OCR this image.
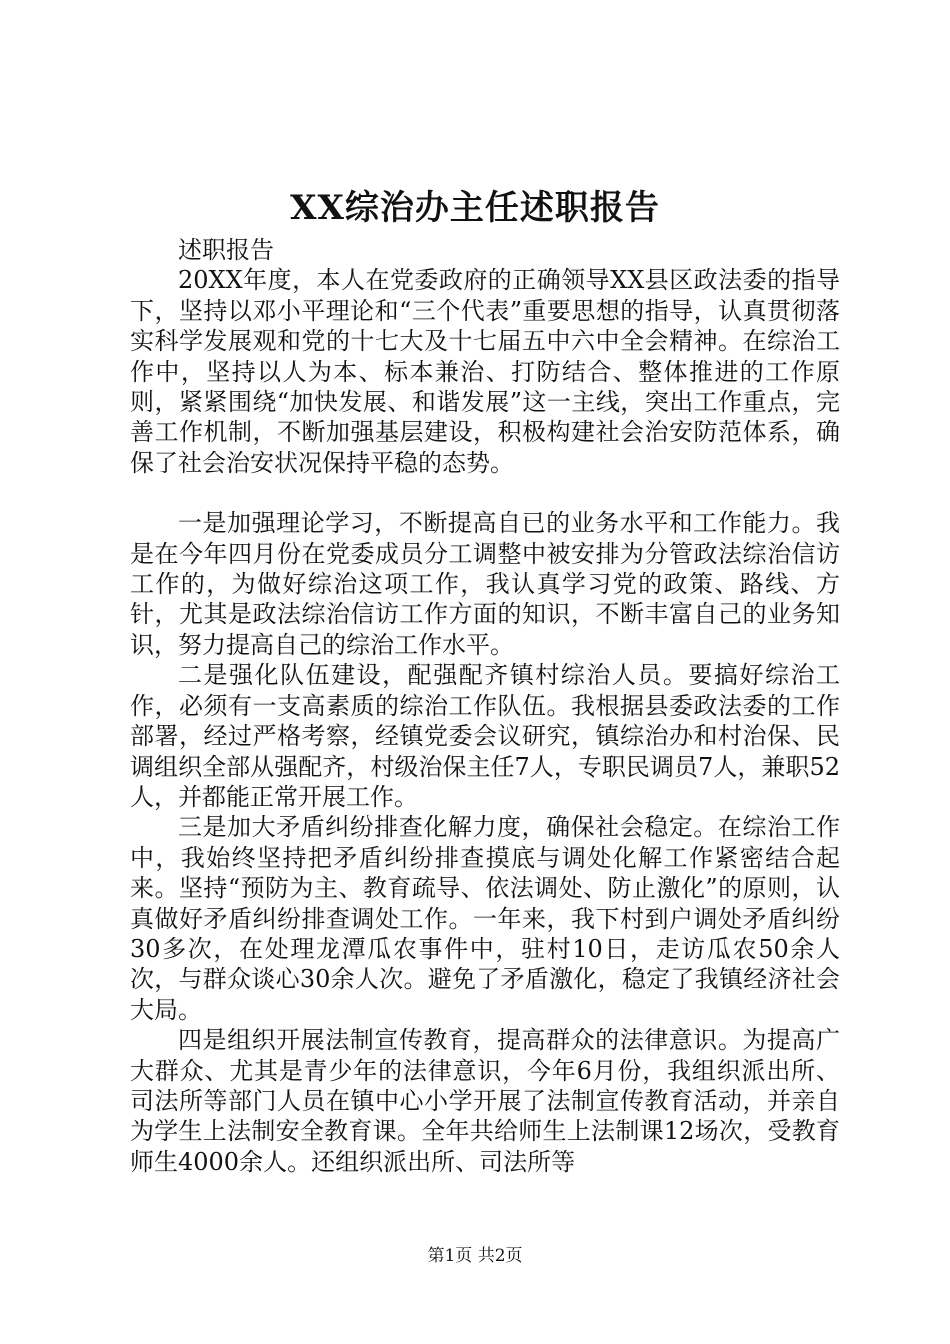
XX综治办主任述职报告

述职报告

20XX年度，本人在党委政府的正确领导XX县区政法委的指导下，坚持以邓小平理论和“三个代表”重要思想的指导，认真贯彻落实科学发展观和党的十七大及十七届五中六中全会精神。在综治工作中，坚持以人为本、标本兼治、打防结合、整体推进的工作原则，紧紧围绕“加快发展、和谐发展”这一主线，突出工作重点，完善工作机制，不断加强基层建设，积极构建社会治安防范体系，确保了社会治安状况保持平稳的态势。

一是加强理论学习，不断提高自已的业务水平和工作能力。我是在今年四月份在党委成员分工调整中被安排为分管政法综治信访工作的，为做好综治这项工作，我认真学习党的政策、路线、方针，尤其是政法综治信访工作方面的知识，不断丰富自己的业务知识，努力提高自己的综治工作水平。

二是强化队伍建设，配强配齐镇村综治人员。要搞好综治工作，必须有一支高素质的综治工作队伍。我根据县委政法委的工作部署，经过严格考察，经镇党委会议研究，镇综治办和村治保、民调组织全部从强配齐，村级治保主任7人，专职民调员7人，兼职52人，并都能正常开展工作。

三是加大矛盾纠纷排查化解力度，确保社会稳定。在综治工作中，我始终坚持把矛盾纠纷排查摸底与调处化解工作紧密结合起来。坚持“预防为主、教育疏导、依法调处、防止激化”的原则，认真做好矛盾纠纷排查调处工作。一年来，我下村到户调处矛盾纠纷30多次，在处理龙潭瓜农事件中，驻村10日，走访瓜农50余人次，与群众谈心30余人次。避免了矛盾激化，稳定了我镇经济社会大局。

四是组织开展法制宣传教育，提高群众的法律意识。为提高广大群众、尤其是青少年的法律意识，今年6月份，我组织派出所、司法所等部门人员在镇中心小学开展了法制宣传教育活动，并亲自为学生上法制安全教育课。全年共给师生上法制课12场次，受教育师生4000余人。还组织派出所、司法所等

第1页 共2页
